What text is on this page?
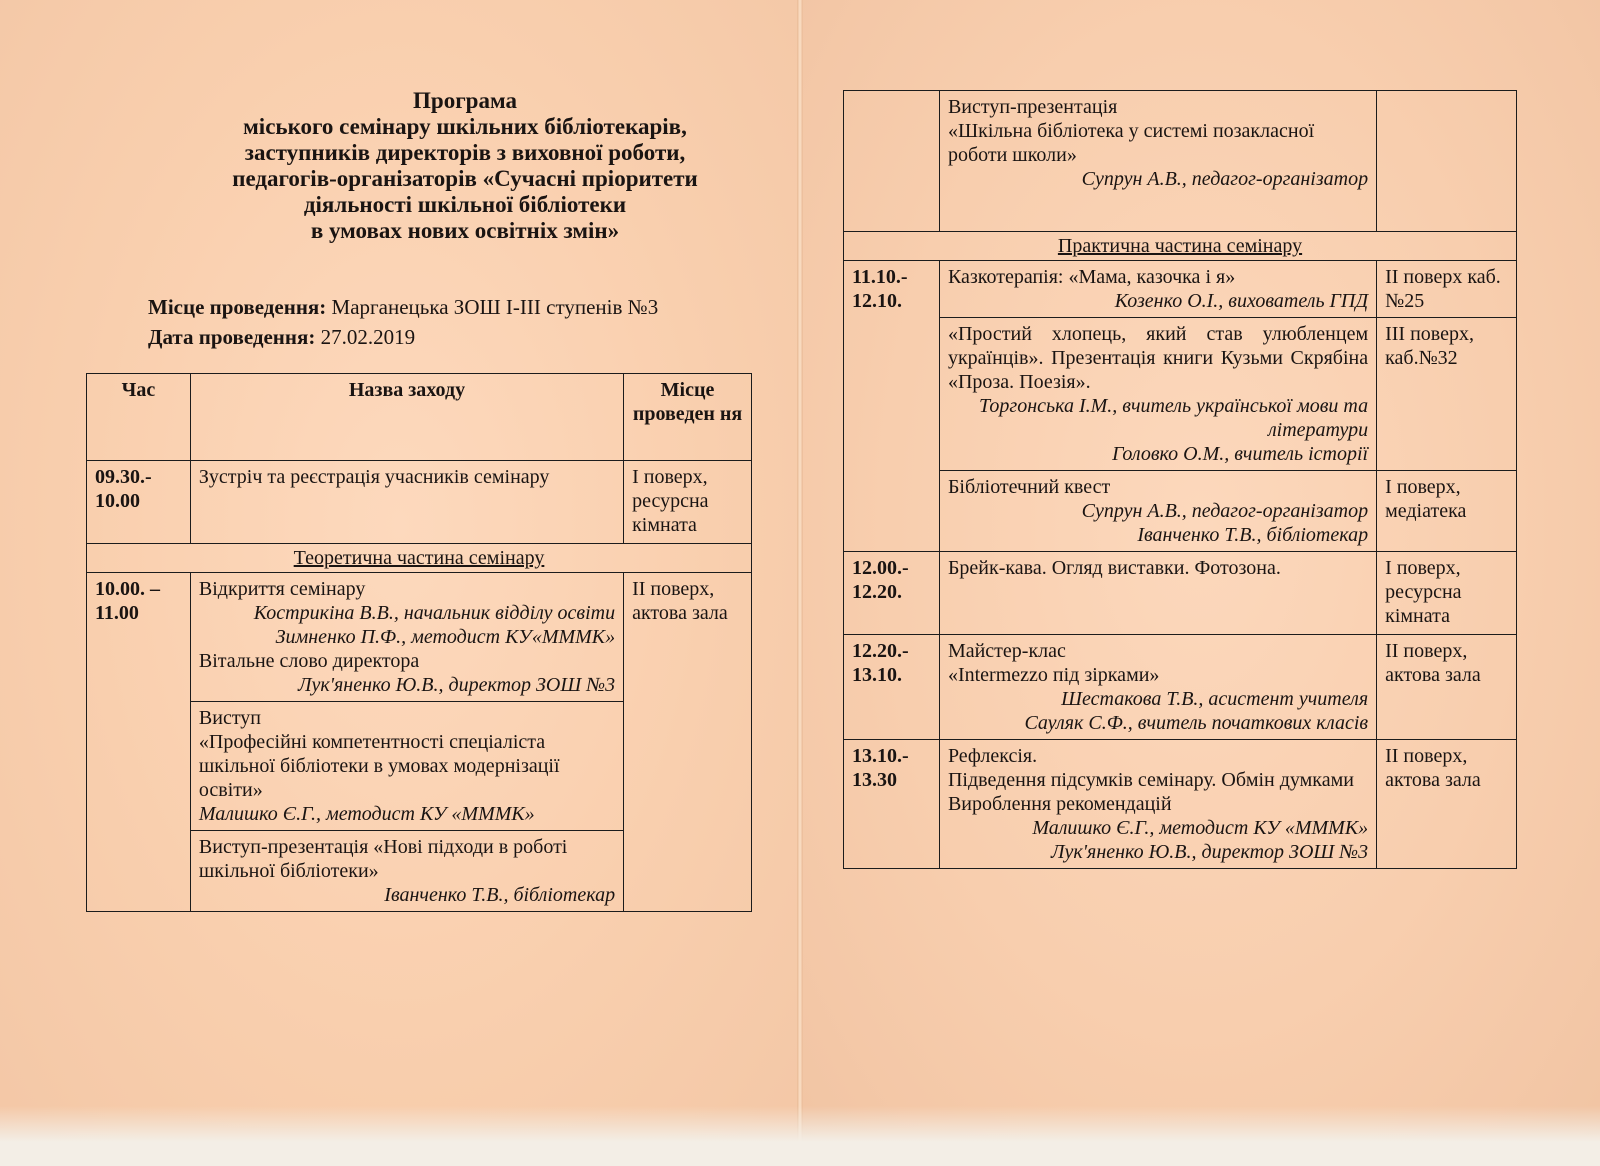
Програма
міського семінару шкільних бібліотекарів,
заступників директорів з виховної роботи,
педагогів-організаторів «Сучасні пріоритети
діяльності шкільної бібліотеки
в умовах нових освітніх змін»
Місце проведення: Марганецька ЗОШ І-ІІІ ступенів №3
Дата проведення: 27.02.2019
Час	Назва заходу	Місце проведен ня
09.30.- 10.00	Зустріч та реєстрація учасників семінару	І поверх, ресурсна кімната
Теоретична частина семінару		
10.00. – 11.00	Відкриття семінару
Кострикіна В.В., начальник відділу освіти
Зимненко П.Ф., методист КУ«МММК»
Вітальне слово директора
Лук'яненко Ю.В., директор ЗОШ №3	ІІ поверх, актова зала

	Виступ
«Професійні компетентності спеціаліста шкільної бібліотеки в умовах модернізації освіти»
Малишко Є.Г., методист КУ «МММК»	

	Виступ-презентація «Нові підходи в роботі шкільної бібліотеки»
Іванченко Т.В., бібліотекар	

	Виступ-презентація
«Шкільна бібліотека у системі позакласної роботи школи»
Супрун А.В., педагог-організатор	

Практична частина семінару		
11.10.- 12.10.	Казкотерапія: «Мама, казочка і я»
Козенко О.І., вихователь ГПД	ІІ поверх каб. №25

	«Простий хлопець, який став улюбленцем українців». Презентація книги Кузьми Скрябіна «Проза. Поезія».
Торгонська І.М., вчитель української мови та літератури
Головко О.М., вчитель історії	ІІІ поверх, каб.№32

	Бібліотечний квест
Супрун А.В., педагог-організатор
Іванченко Т.В., бібліотекар	І поверх, медіатека
12.00.- 12.20.	Брейк-кава. Огляд виставки. Фотозона.	І поверх, ресурсна кімната
12.20.- 13.10.	Майстер-клас
«Intermezzo під зірками»
Шестакова Т.В., асистент учителя
Сауляк С.Ф., вчитель початкових класів	ІІ поверх, актова зала
13.10.- 13.30	Рефлексія.
Підведення підсумків семінару. Обмін думками
Вироблення рекомендацій
Малишко Є.Г., методист КУ «МММК»
Лук'яненко Ю.В., директор ЗОШ №3	ІІ поверх, актова зала
